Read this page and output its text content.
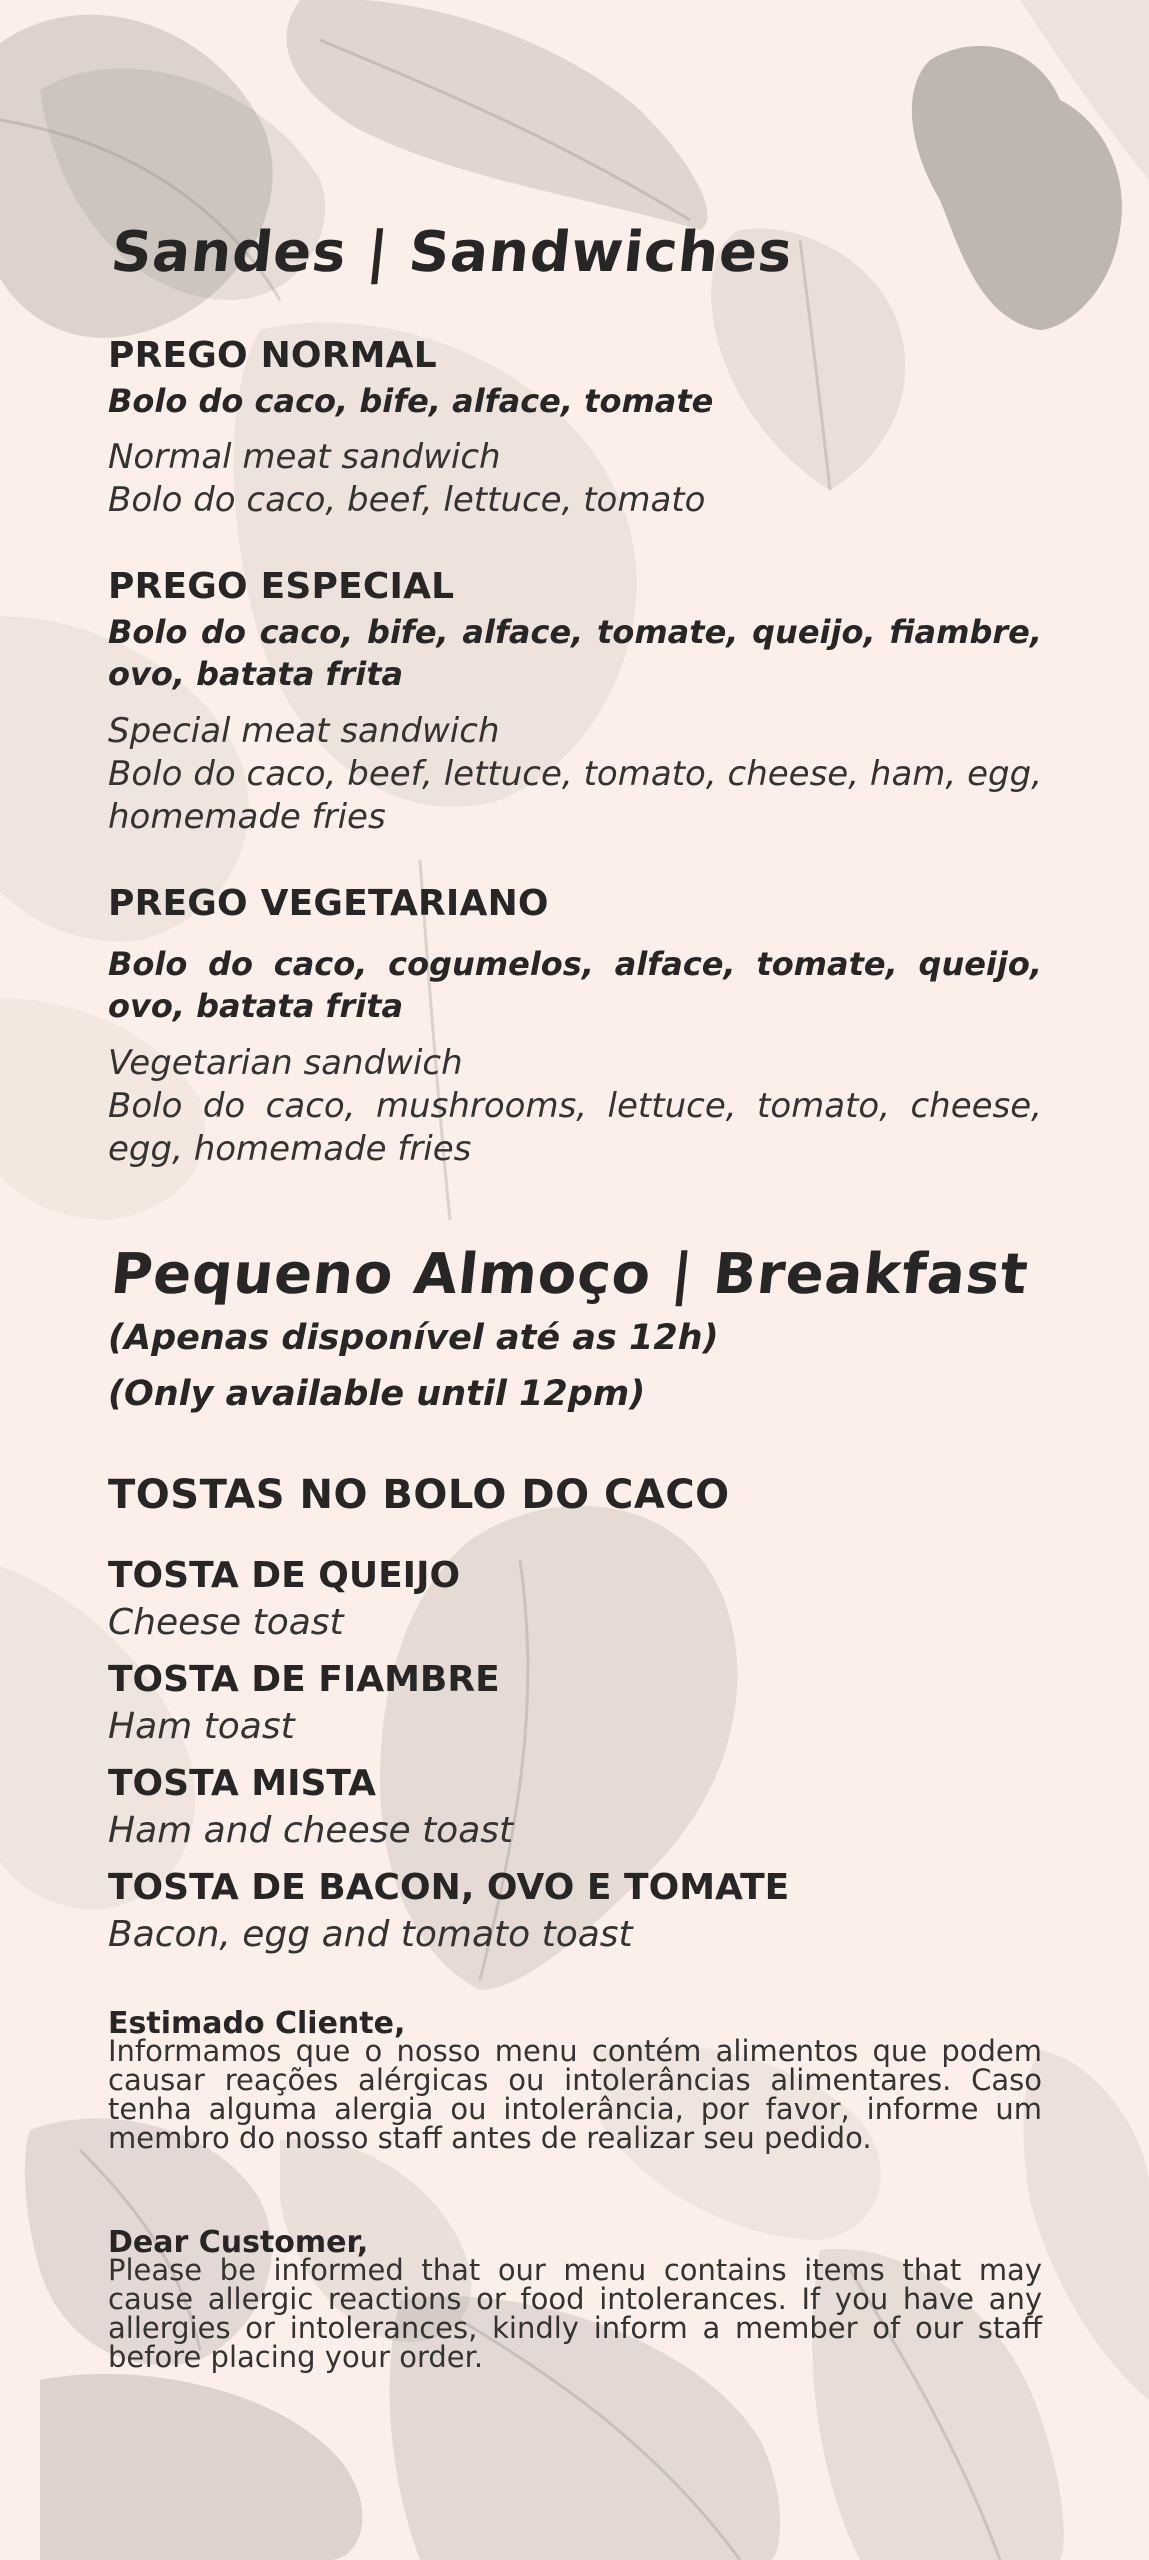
Sandes | Sandwiches
PREGO NORMAL
Bolo do caco, bife, alface, tomate
Normal meat sandwich
Bolo do caco, beef, lettuce, tomato
PREGO ESPECIAL
Bolo do caco, bife, alface, tomate, queijo, fiambre, ovo, batata frita
Special meat sandwich
Bolo do caco, beef, lettuce, tomato, cheese, ham, egg, homemade fries
PREGO VEGETARIANO
Bolo do caco, cogumelos, alface, tomate, queijo, ovo, batata frita
Vegetarian sandwich
Bolo do caco, mushrooms, lettuce, tomato, cheese, egg, homemade fries
Pequeno Almoço | Breakfast
(Apenas disponível até as 12h)
(Only available until 12pm)
TOSTAS NO BOLO DO CACO
TOSTA DE QUEIJO
Cheese toast
TOSTA DE FIAMBRE
Ham toast
TOSTA MISTA
Ham and cheese toast
TOSTA DE BACON, OVO E TOMATE
Bacon, egg and tomato toast
Estimado Cliente,
Informamos que o nosso menu contém alimentos que podem causar reações alérgicas ou intolerâncias alimentares. Caso tenha alguma alergia ou intolerância, por favor, informe um membro do nosso staff antes de realizar seu pedido.
Dear Customer,
Please be informed that our menu contains items that may cause allergic reactions or food intolerances. If you have any allergies or intolerances, kindly inform a member of our staff before placing your order.
